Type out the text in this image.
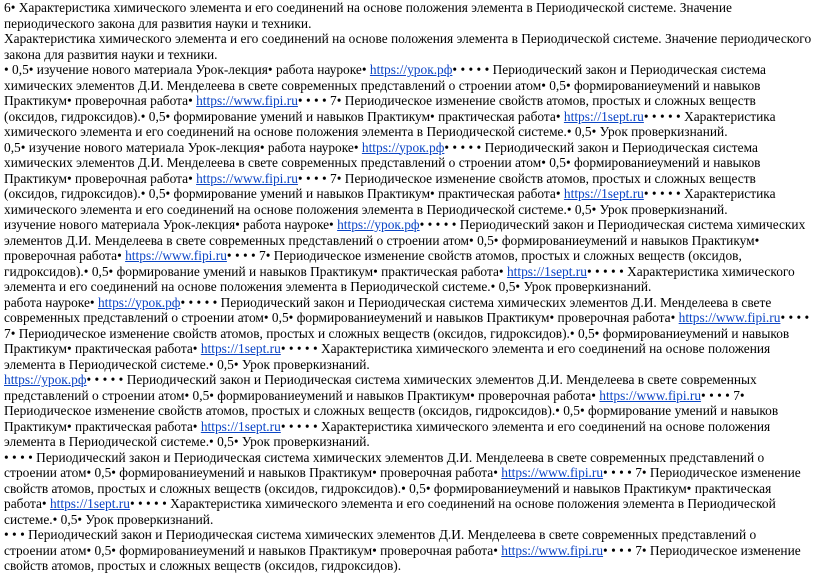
6• Характеристика химического элемента и его соединений на основе положения элемента в Периодической системе. Значение периодического закона для развития науки и техники.

Характеристика химического элемента и его соединений на основе положения элемента в Периодической системе. Значение периодического закона для развития науки и техники.

• 0,5• изучение нового материала Урок-лекция• работа науроке• https://урок.рф• • • • • Периодический закон и Периодическая система химических элементов Д.И. Менделеева в свете современных представлений о строении атом• 0,5• формированиеумений и навыков Практикум• проверочная работа• https://www.fipi.ru• • • • 7• Периодическое изменение свойств атомов, простых и сложных веществ (оксидов, гидроксидов).• 0,5• формирование умений и навыков Практикум• практическая работа• https://1sept.ru• • • • • Характеристика химического элемента и его соединений на основе положения элемента в Периодической системе.• 0,5• Урок проверкизнаний.

0,5• изучение нового материала Урок-лекция• работа науроке• https://урок.рф• • • • • Периодический закон и Периодическая система химических элементов Д.И. Менделеева в свете современных представлений о строении атом• 0,5• формированиеумений и навыков Практикум• проверочная работа• https://www.fipi.ru• • • • 7• Периодическое изменение свойств атомов, простых и сложных веществ (оксидов, гидроксидов).• 0,5• формирование умений и навыков Практикум• практическая работа• https://1sept.ru• • • • • Характеристика химического элемента и его соединений на основе положения элемента в Периодической системе.• 0,5• Урок проверкизнаний.

изучение нового материала Урок-лекция• работа науроке• https://урок.рф• • • • • Периодический закон и Периодическая система химических элементов Д.И. Менделеева в свете современных представлений о строении атом• 0,5• формированиеумений и навыков Практикум• проверочная работа• https://www.fipi.ru• • • • 7• Периодическое изменение свойств атомов, простых и сложных веществ (оксидов, гидроксидов).• 0,5• формирование умений и навыков Практикум• практическая работа• https://1sept.ru• • • • • Характеристика химического элемента и его соединений на основе положения элемента в Периодической системе.• 0,5• Урок проверкизнаний.

работа науроке• https://урок.рф• • • • • Периодический закон и Периодическая система химических элементов Д.И. Менделеева в свете современных представлений о строении атом• 0,5• формированиеумений и навыков Практикум• проверочная работа• https://www.fipi.ru• • • • 7• Периодическое изменение свойств атомов, простых и сложных веществ (оксидов, гидроксидов).• 0,5• формированиеумений и навыков Практикум• практическая работа• https://1sept.ru• • • • • Характеристика химического элемента и его соединений на основе положения элемента в Периодической системе.• 0,5• Урок проверкизнаний.

https://урок.рф• • • • • Периодический закон и Периодическая система химических элементов Д.И. Менделеева в свете современных представлений о строении атом• 0,5• формированиеумений и навыков Практикум• проверочная работа• https://www.fipi.ru• • • • 7• Периодическое изменение свойств атомов, простых и сложных веществ (оксидов, гидроксидов).• 0,5• формирование умений и навыков Практикум• практическая работа• https://1sept.ru• • • • • Характеристика химического элемента и его соединений на основе положения элемента в Периодической системе.• 0,5• Урок проверкизнаний.

• • • • Периодический закон и Периодическая система химических элементов Д.И. Менделеева в свете современных представлений о строении атом• 0,5• формированиеумений и навыков Практикум• проверочная работа• https://www.fipi.ru• • • • 7• Периодическое изменение свойств атомов, простых и сложных веществ (оксидов, гидроксидов).• 0,5• формированиеумений и навыков Практикум• практическая работа• https://1sept.ru• • • • • Характеристика химического элемента и его соединений на основе положения элемента в Периодической системе.• 0,5• Урок проверкизнаний.

• • • Периодический закон и Периодическая система химических элементов Д.И. Менделеева в свете современных представлений о строении атом• 0,5• формированиеумений и навыков Практикум• проверочная работа• https://www.fipi.ru• • • • 7• Периодическое изменение свойств атомов, простых и сложных веществ (оксидов, гидроксидов).
